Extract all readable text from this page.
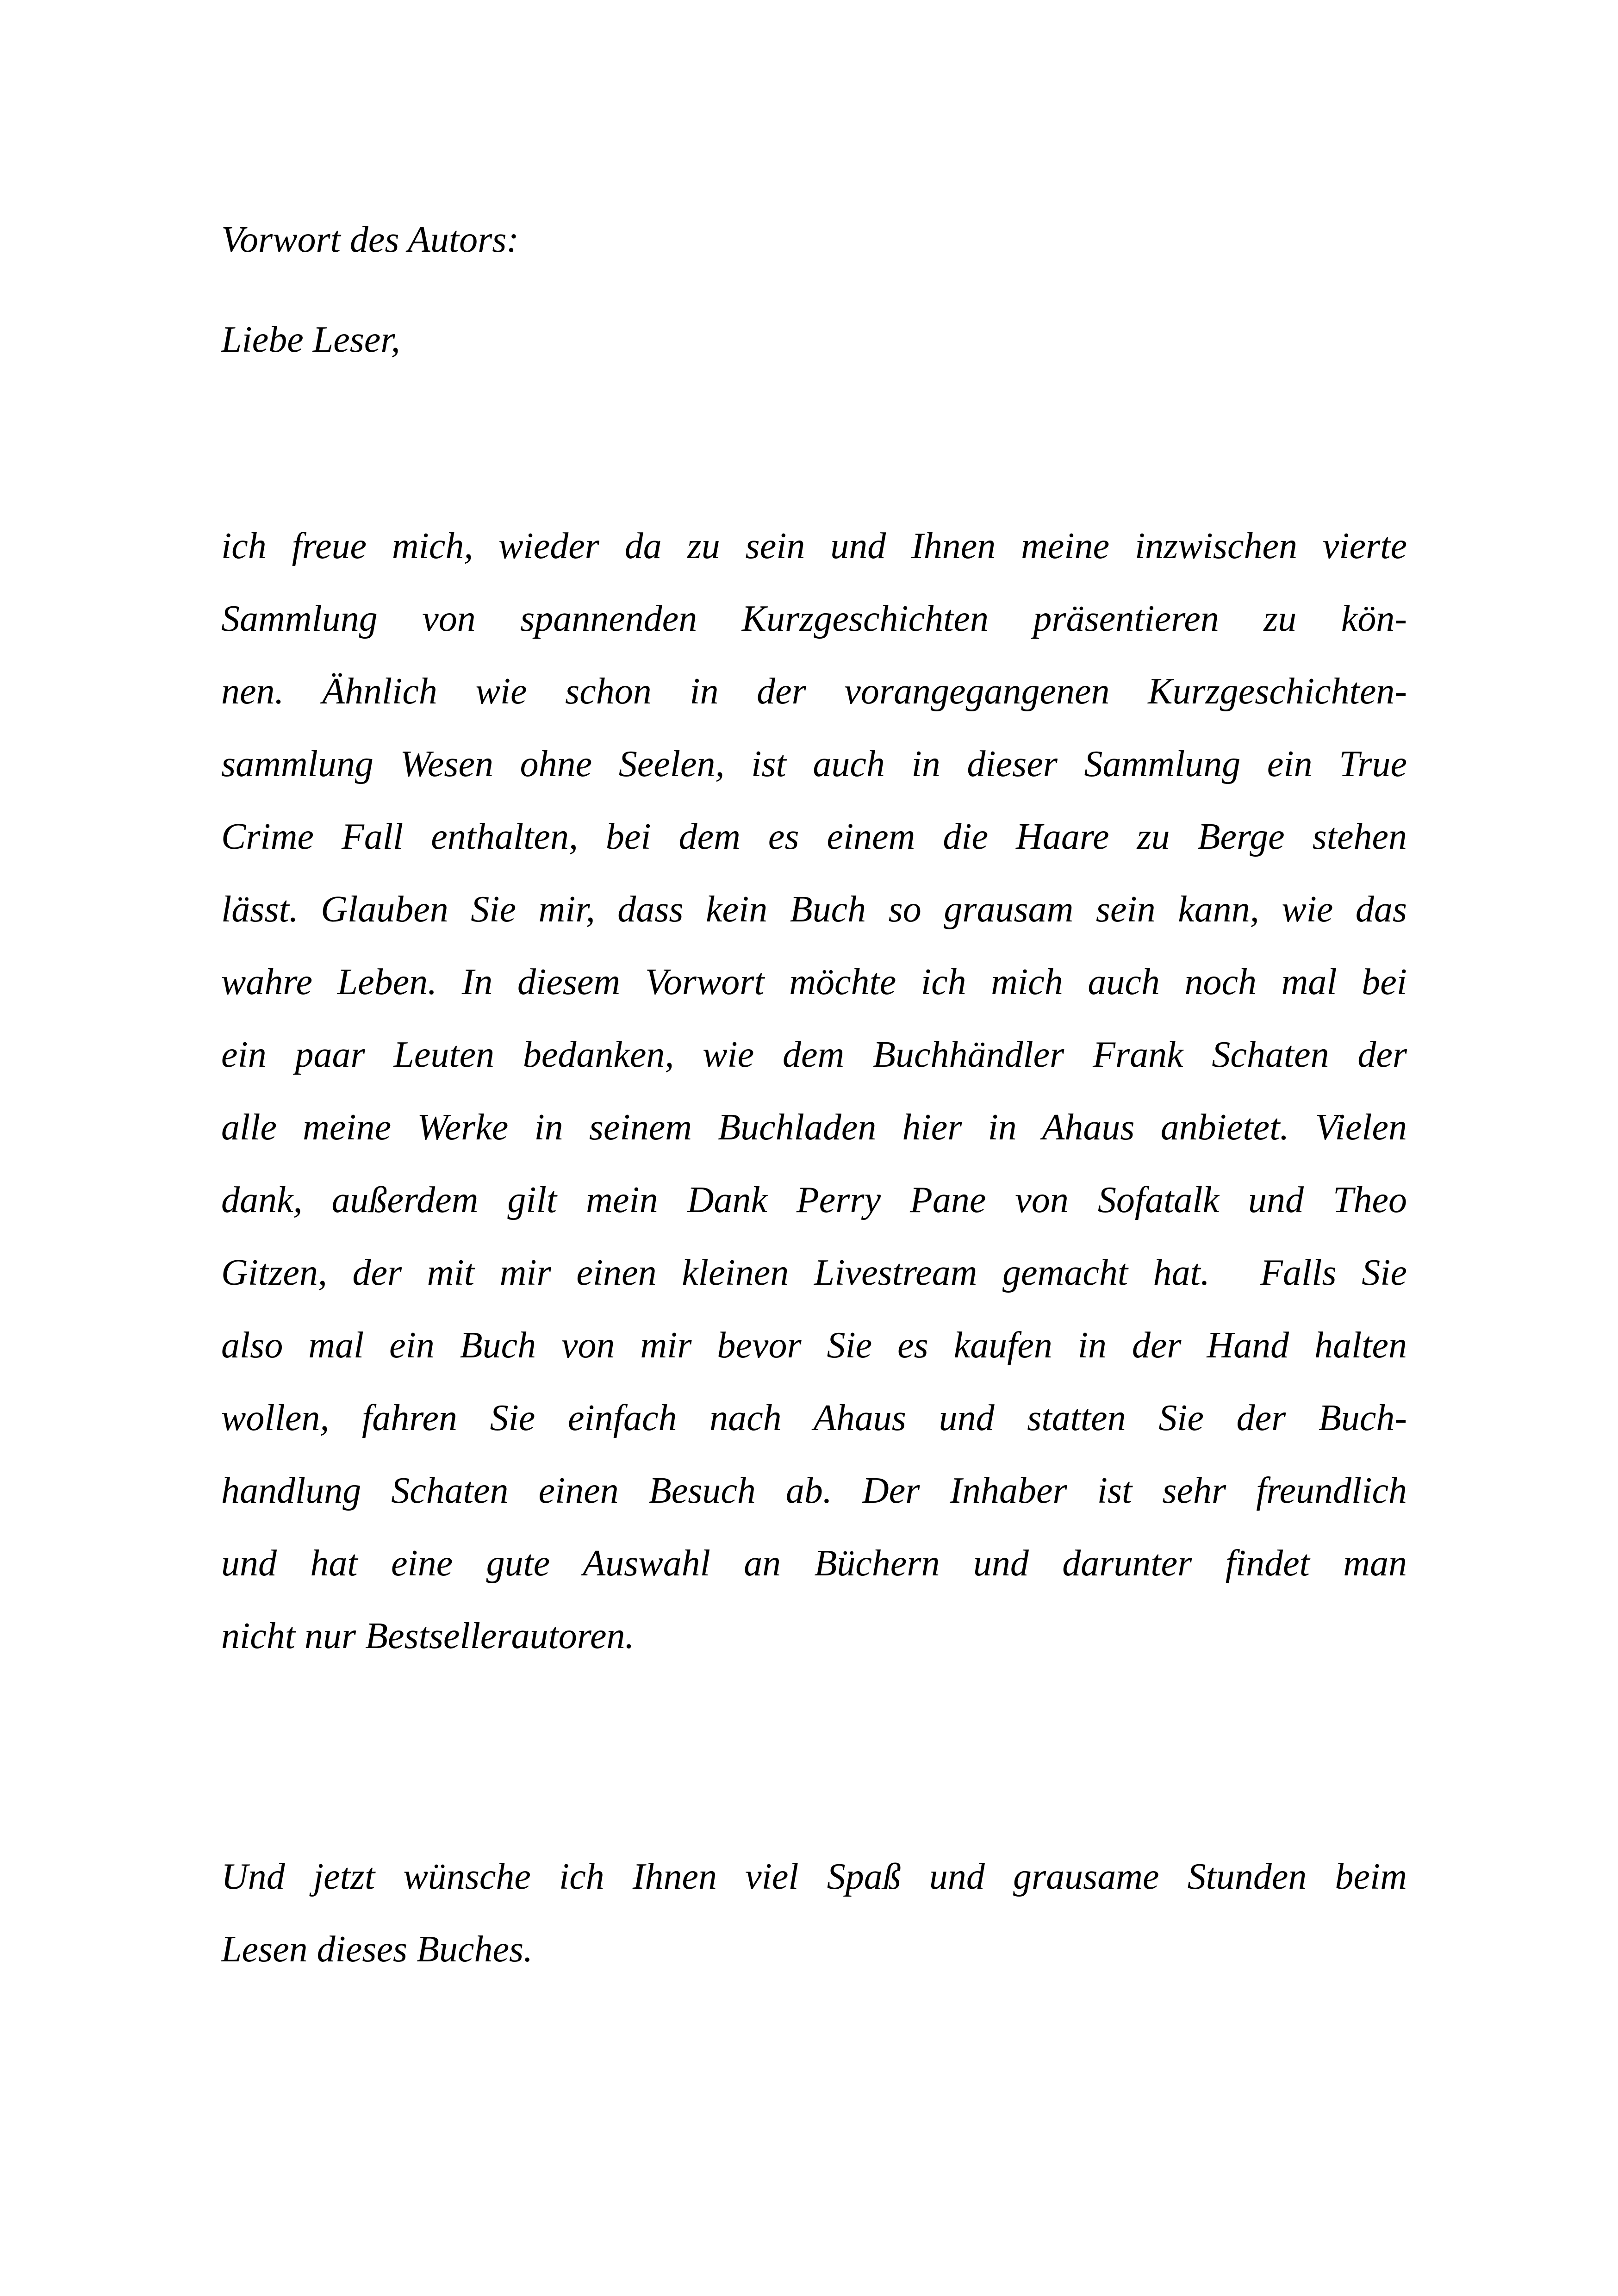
Vorwort des Autors:
Liebe Leser,
ich freue mich, wieder da zu sein und Ihnen meine inzwischen vierte
Sammlung von spannenden Kurzgeschichten präsentieren zu kön-
nen. Ähnlich wie schon in der vorangegangenen Kurzgeschichten-
sammlung Wesen ohne Seelen, ist auch in dieser Sammlung ein True
Crime Fall enthalten, bei dem es einem die Haare zu Berge stehen
lässt. Glauben Sie mir, dass kein Buch so grausam sein kann, wie das
wahre Leben. In diesem Vorwort möchte ich mich auch noch mal bei
ein paar Leuten bedanken, wie dem Buchhändler Frank Schaten der
alle meine Werke in seinem Buchladen hier in Ahaus anbietet. Vielen
dank, außerdem gilt mein Dank Perry Pane von Sofatalk und Theo
Gitzen, der mit mir einen kleinen Livestream gemacht hat.  Falls Sie
also mal ein Buch von mir bevor Sie es kaufen in der Hand halten
wollen, fahren Sie einfach nach Ahaus und statten Sie der Buch-
handlung Schaten einen Besuch ab. Der Inhaber ist sehr freundlich
und hat eine gute Auswahl an Büchern und darunter findet man
nicht nur Bestsellerautoren.
Und jetzt wünsche ich Ihnen viel Spaß und grausame Stunden beim
Lesen dieses Buches.
